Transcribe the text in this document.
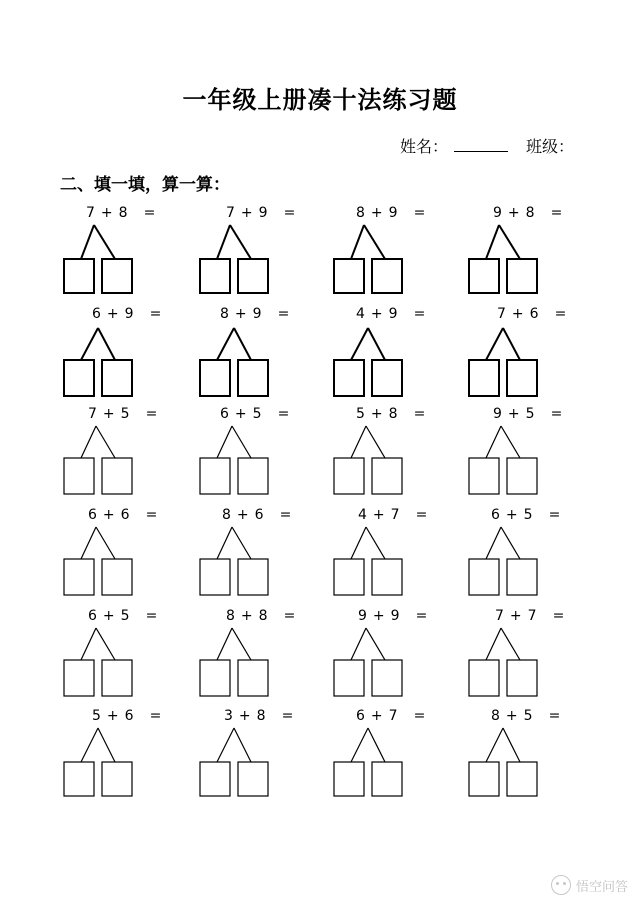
一年级上册凑十法练习题
姓名：	班级：
二、填一填，算一算：
7 + 8 =	7 + 9 =	8 + 9 =	9 + 8 =
6 + 9 =	8 + 9 =	4 + 9 =	7 + 6 =
7 + 5 =	6 + 5 =	5 + 8 =	9 + 5 =
6 + 6 =	8 + 6 =	4 + 7 =	6 + 5 =
6 + 5 =	8 + 8 =	9 + 9 =	7 + 7 =
5 + 6 =	3 + 8 =	6 + 7 =	8 + 5 =
悟空问答
